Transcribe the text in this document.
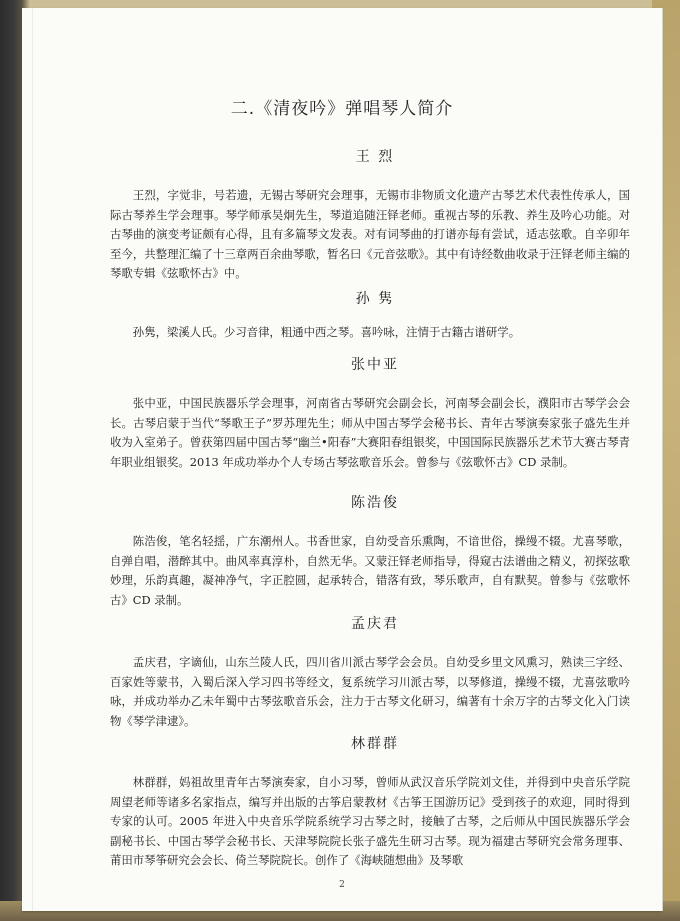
二.《清夜吟》弹唱琴人简介
王 烈
王烈，字觉非，号若遗，无锡古琴研究会理事，无锡市非物质文化遗产古琴艺术代表性传承人，国际古琴养生学会理事。琴学师承吴炯先生，琴道追随汪铎老师。重视古琴的乐教、养生及吟心功能。对古琴曲的演变考证颇有心得，且有多篇琴文发表。对有词琴曲的打谱亦每有尝试，适志弦歌。自辛卯年至今，共整理汇编了十三章两百余曲琴歌，暂名曰《元音弦歌》。其中有诗经数曲收录于汪铎老师主编的琴歌专辑《弦歌怀古》中。
孙 隽
孙隽，梁溪人氏。少习音律，粗通中西之琴。喜吟咏，注情于古籍古谱研学。
张中亚
张中亚，中国民族器乐学会理事，河南省古琴研究会副会长，河南琴会副会长，濮阳市古琴学会会长。古琴启蒙于当代“琴歌王子”罗苏理先生；师从中国古琴学会秘书长、青年古琴演奏家张子盛先生并收为入室弟子。曾获第四届中国古琴“幽兰•阳春”大赛阳春组银奖，中国国际民族器乐艺术节大赛古琴青年职业组银奖。2013 年成功举办个人专场古琴弦歌音乐会。曾参与《弦歌怀古》CD 录制。
陈浩俊
陈浩俊，笔名轻揺，广东潮州人。书香世家，自幼受音乐熏陶，不谙世俗，操缦不辍。尤喜琴歌，自弹自唱，潜醉其中。曲风率真淳朴，自然无华。又蒙汪铎老师指导，得窥古法谱曲之精义，初探弦歌妙理，乐韵真趣，凝神净气，字正腔圆，起承转合，错落有致，琴乐歌声，自有默契。曾参与《弦歌怀古》CD 录制。
孟庆君
孟庆君，字谪仙，山东兰陵人氏，四川省川派古琴学会会员。自幼受乡里文风熏习，熟读三字经、百家姓等蒙书，入蜀后深入学习四书等经文，复系统学习川派古琴，以琴修道，操缦不辍，尤喜弦歌吟咏，并成功举办乙未年蜀中古琴弦歌音乐会，注力于古琴文化研习，编著有十余万字的古琴文化入门读物《琴学津逮》。
林群群
林群群，妈祖故里青年古琴演奏家，自小习琴，曾师从武汉音乐学院刘文佳，并得到中央音乐学院周望老师等诸多名家指点，编写并出版的古筝启蒙教材《古筝王国游历记》受到孩子的欢迎，同时得到专家的认可。2005 年进入中央音乐学院系统学习古琴之时，接触了古琴，之后师从中国民族器乐学会副秘书长、中国古琴学会秘书长、天津琴院院长张子盛先生研习古琴。现为福建古琴研究会常务理事、莆田市琴筝研究会会长、倚兰琴院院长。创作了《海峡随想曲》及琴歌
2
